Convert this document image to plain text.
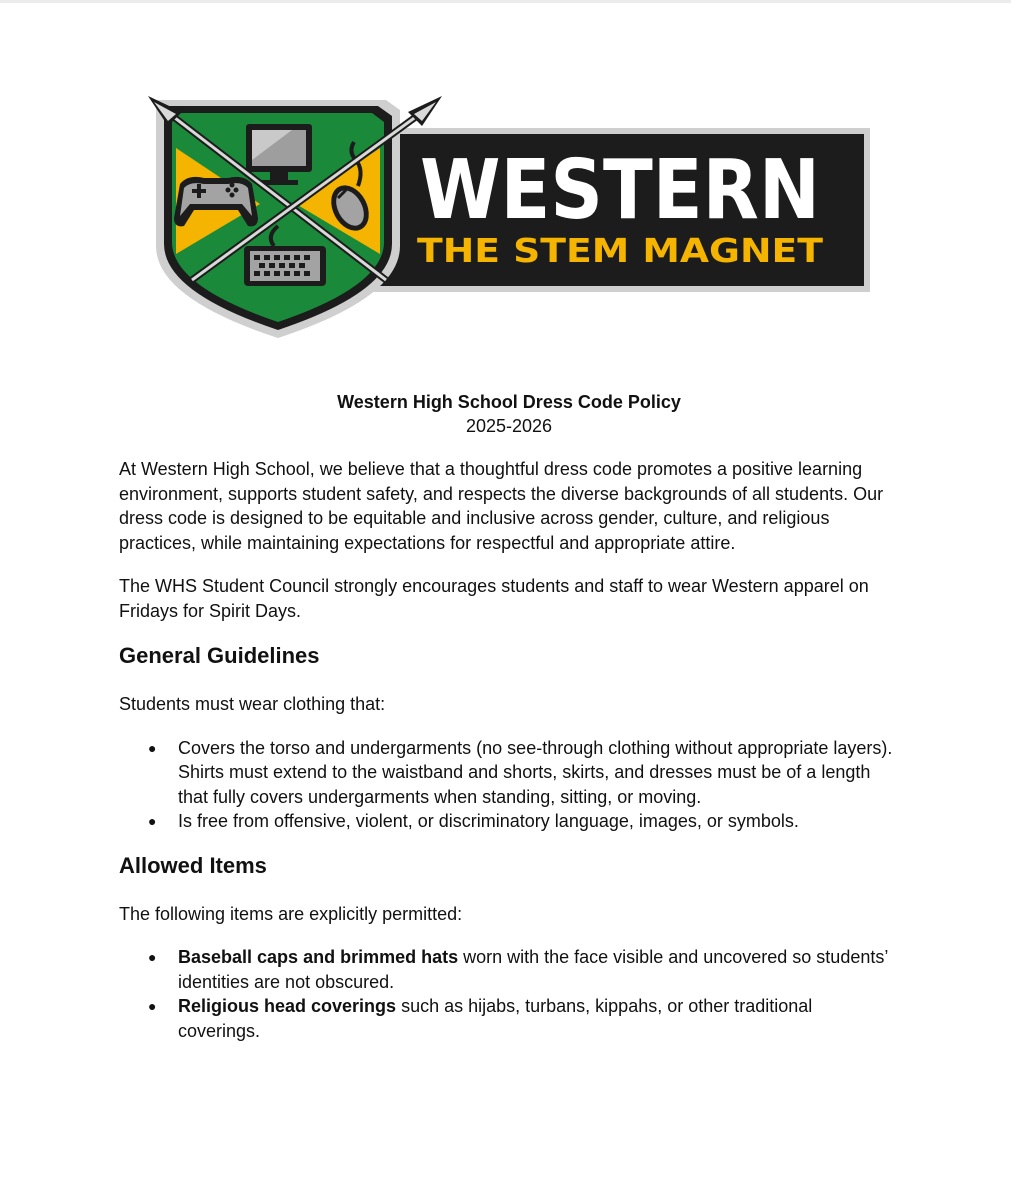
WESTERN
THE STEM MAGNET
Western High School Dress Code Policy
2025-2026

At Western High School, we believe that a thoughtful dress code promotes a positive learning environment, supports student safety, and respects the diverse backgrounds of all students. Our dress code is designed to be equitable and inclusive across gender, culture, and religious practices, while maintaining expectations for respectful and appropriate attire.

The WHS Student Council strongly encourages students and staff to wear Western apparel on Fridays for Spirit Days.

General Guidelines

Students must wear clothing that:

● Covers the torso and undergarments (no see-through clothing without appropriate layers). Shirts must extend to the waistband and shorts, skirts, and dresses must be of a length that fully covers undergarments when standing, sitting, or moving.
● Is free from offensive, violent, or discriminatory language, images, or symbols.
Allowed Items

The following items are explicitly permitted:

● Baseball caps and brimmed hats worn with the face visible and uncovered so students’ identities are not obscured.
● Religious head coverings such as hijabs, turbans, kippahs, or other traditional coverings.
